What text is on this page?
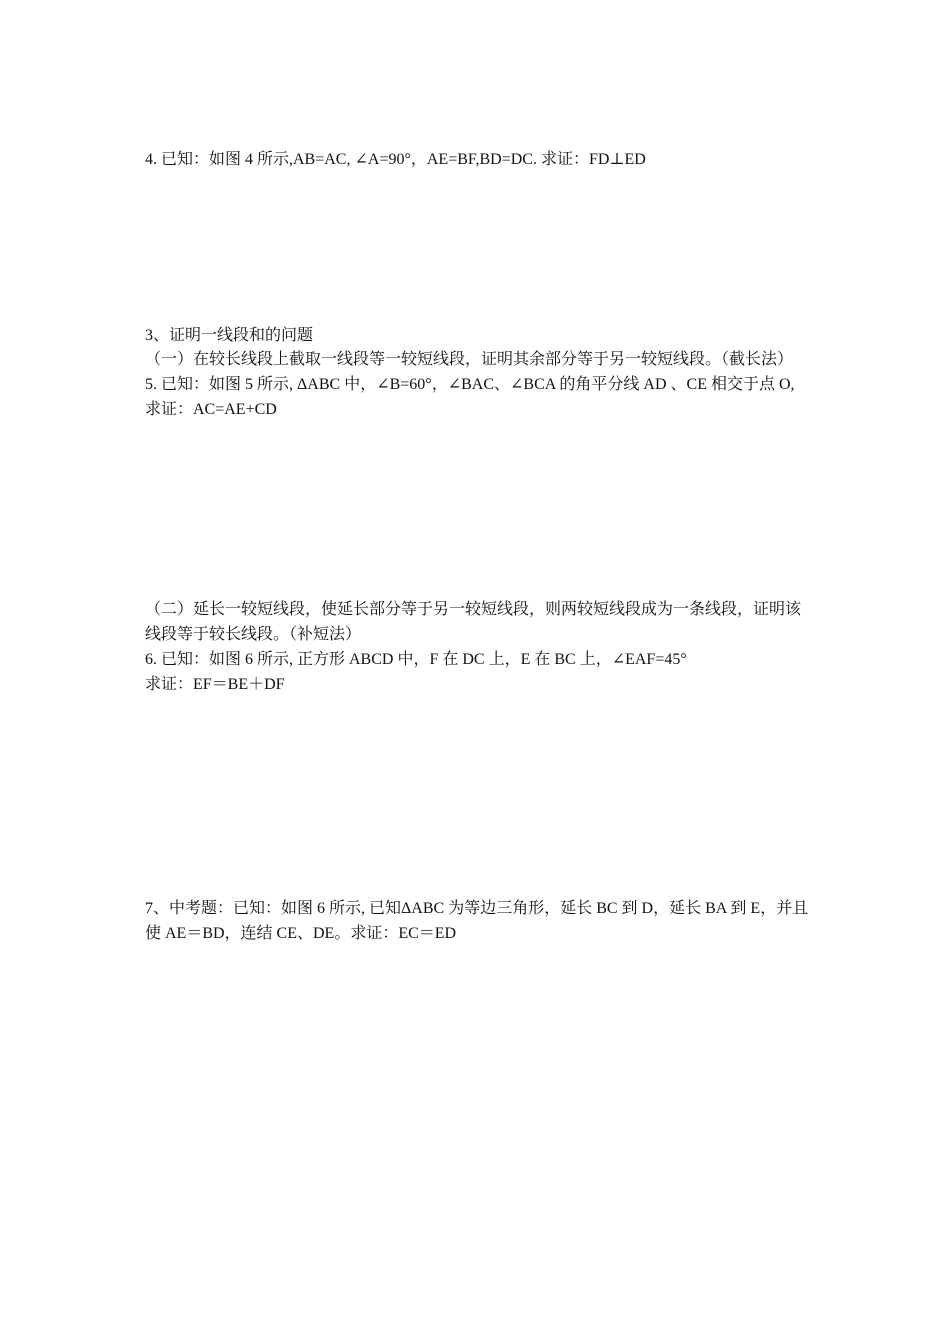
4. 已知：如图 4 所示,AB=AC, ∠A=90°，AE=BF,BD=DC. 求证：FD⊥ED
3、证明一线段和的问题
（一）在较长线段上截取一线段等一较短线段，证明其余部分等于另一较短线段。（截长法）
5. 已知：如图 5 所示, ΔABC 中，∠B=60°，∠BAC、∠BCA 的角平分线 AD 、CE 相交于点 O,
求证：AC=AE+CD
（二）延长一较短线段，使延长部分等于另一较短线段，则两较短线段成为一条线段，证明该
线段等于较长线段。（补短法）
6. 已知：如图 6 所示, 正方形 ABCD 中，F 在 DC 上，E 在 BC 上，∠EAF=45°
求证：EF＝BE＋DF
7、中考题：已知：如图 6 所示, 已知ΔABC 为等边三角形，延长 BC 到 D，延长 BA 到 E，并且
使 AE＝BD，连结 CE、DE。求证：EC＝ED
